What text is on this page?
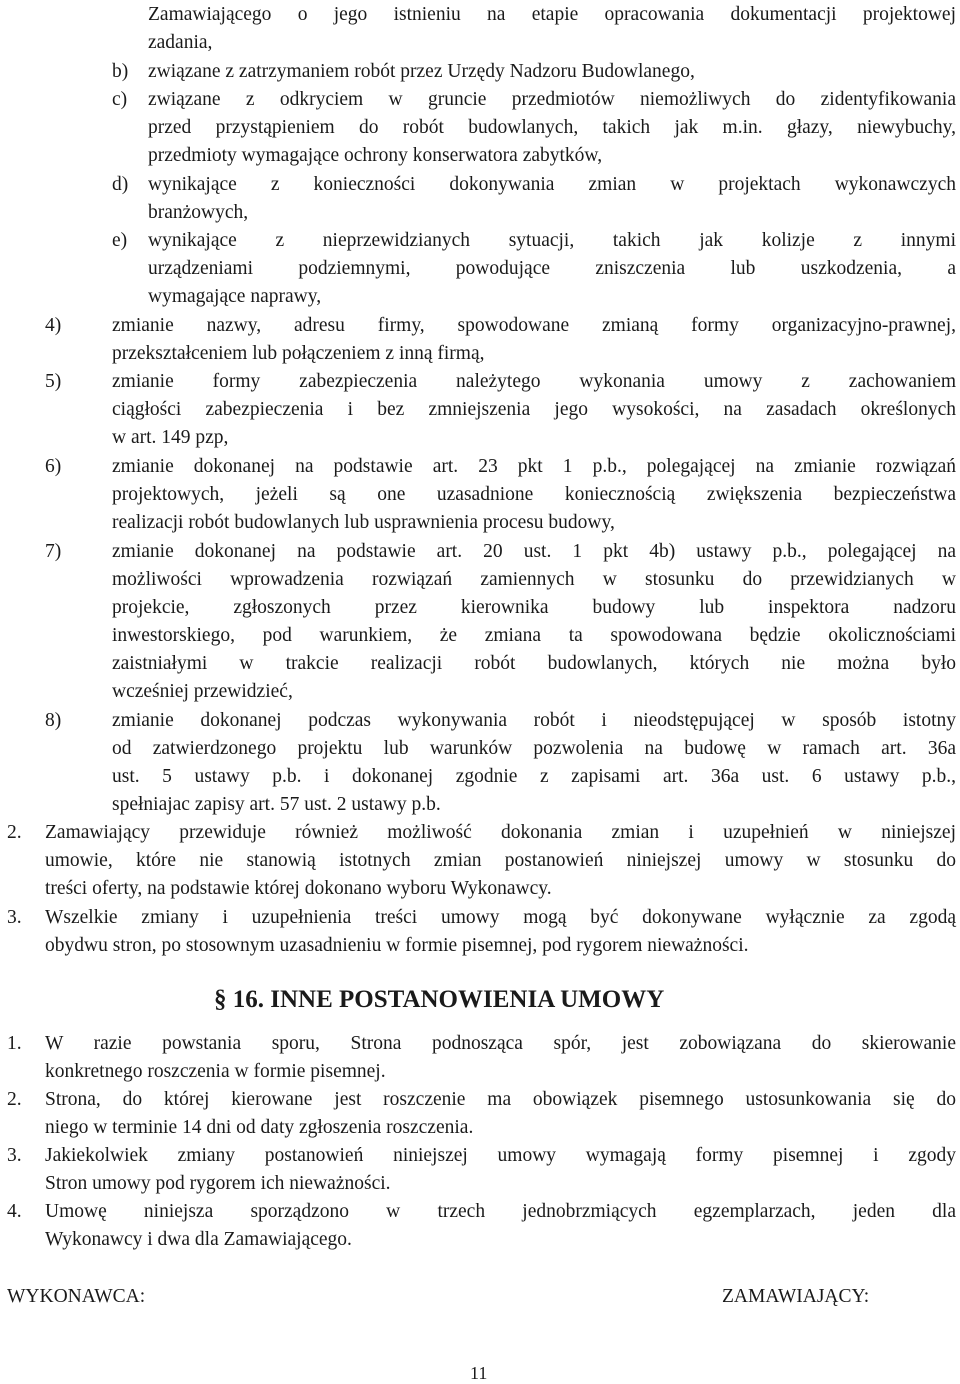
Zamawiającego o jego istnieniu na etapie opracowania dokumentacji projektowej
zadania,
b) związane z zatrzymaniem robót przez Urzędy Nadzoru Budowlanego,
c) związane z odkryciem w gruncie przedmiotów niemożliwych do zidentyfikowania
przed przystąpieniem do robót budowlanych, takich jak m.in. głazy, niewybuchy,
przedmioty wymagające ochrony konserwatora zabytków,
d) wynikające z konieczności dokonywania zmian w projektach wykonawczych
branżowych,
e) wynikające z nieprzewidzianych sytuacji, takich jak kolizje z innymi
urządzeniami podziemnymi, powodujące zniszczenia lub uszkodzenia, a
wymagające naprawy,
4)	zmianie nazwy, adresu firmy, spowodowane zmianą formy organizacyjno-prawnej,
przekształceniem lub połączeniem z inną firmą,
5)	zmianie formy zabezpieczenia należytego wykonania umowy z zachowaniem
ciągłości zabezpieczenia i bez zmniejszenia jego wysokości, na zasadach określonych
w art. 149 pzp,
6)	zmianie dokonanej na podstawie art. 23 pkt 1 p.b., polegającej na zmianie rozwiązań
projektowych, jeżeli są one uzasadnione koniecznością zwiększenia bezpieczeństwa
realizacji robót budowlanych lub usprawnienia procesu budowy,
7)	zmianie dokonanej na podstawie art. 20 ust. 1 pkt 4b) ustawy p.b., polegającej na
możliwości wprowadzenia rozwiązań zamiennych w stosunku do przewidzianych w
projekcie, zgłoszonych przez kierownika budowy lub inspektora nadzoru
inwestorskiego, pod warunkiem, że zmiana ta spowodowana będzie okolicznościami
zaistniałymi w trakcie realizacji robót budowlanych, których nie można było
wcześniej przewidzieć,
8)	zmianie dokonanej podczas wykonywania robót i nieodstępującej w sposób istotny
od zatwierdzonego projektu lub warunków pozwolenia na budowę w ramach art. 36a
ust. 5 ustawy p.b. i dokonanej zgodnie z zapisami art. 36a ust. 6 ustawy p.b.,
spełniajac zapisy art. 57 ust. 2 ustawy p.b.
2. Zamawiający przewiduje również możliwość dokonania zmian i uzupełnień w niniejszej
umowie, które nie stanowią istotnych zmian postanowień niniejszej umowy w stosunku do
treści oferty, na podstawie której dokonano wyboru Wykonawcy.
3. Wszelkie zmiany i uzupełnienia treści umowy mogą być dokonywane wyłącznie za zgodą
obydwu stron, po stosownym uzasadnieniu w formie pisemnej, pod rygorem nieważności.
§ 16. INNE POSTANOWIENIA UMOWY
1. W razie powstania sporu, Strona podnosząca spór, jest zobowiązana do skierowanie
konkretnego roszczenia w formie pisemnej.
2. Strona, do której kierowane jest roszczenie ma obowiązek pisemnego ustosunkowania się do
niego w terminie 14 dni od daty zgłoszenia roszczenia.
3. Jakiekolwiek zmiany postanowień niniejszej umowy wymagają formy pisemnej i zgody
Stron umowy pod rygorem ich nieważności.
4. Umowę niniejsza sporządzono w trzech jednobrzmiących egzemplarzach, jeden dla
Wykonawcy i dwa dla Zamawiającego.
WYKONAWCA:	ZAMAWIAJĄCY:
11
